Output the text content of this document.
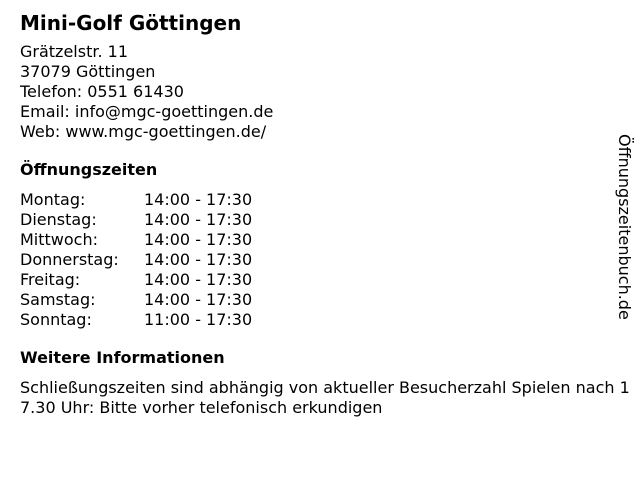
Mini-Golf Göttingen
Grätzelstr. 11
37079 Göttingen
Telefon: 0551 61430
Email: info@mgc-goettingen.de
Web: www.mgc-goettingen.de/
Öffnungszeiten
Montag:	14:00 - 17:30
Dienstag:	14:00 - 17:30
Mittwoch:	14:00 - 17:30
Donnerstag:	14:00 - 17:30
Freitag:	14:00 - 17:30
Samstag:	14:00 - 17:30
Sonntag:	11:00 - 17:30
Weitere Informationen
Schließungszeiten sind abhängig von aktueller Besucherzahl Spielen nach 17.30 Uhr: Bitte vorher telefonisch erkundigen
Öffnungszeitenbuch.de
